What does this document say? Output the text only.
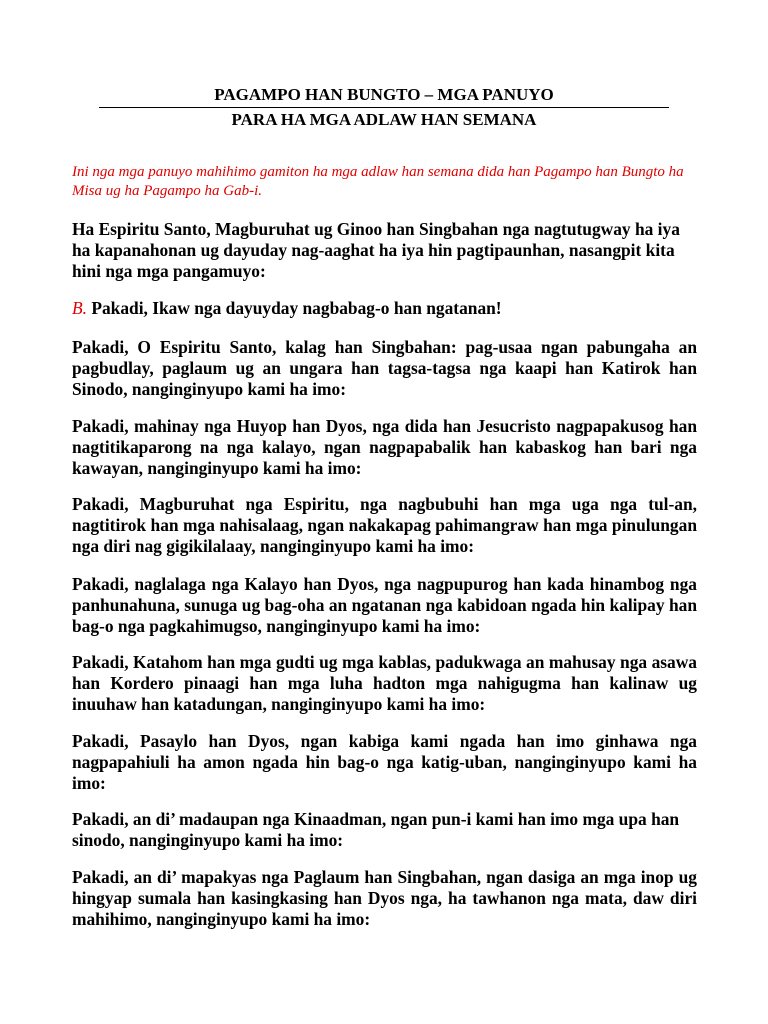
PAGAMPO HAN BUNGTO – MGA PANUYO
PARA HA MGA ADLAW HAN SEMANA
Ini nga mga panuyo mahihimo gamiton ha mga adlaw han semana dida han Pagampo han Bungto ha Misa ug ha Pagampo ha Gab-i.
Ha Espiritu Santo, Magburuhat ug Ginoo han Singbahan nga nagtutugway ha iya ha kapanahonan ug dayuday nag-aaghat ha iya hin pagtipaunhan, nasangpit kita hini nga mga pangamuyo:
B. Pakadi, Ikaw nga dayuyday nagbabag-o han ngatanan!
Pakadi, O Espiritu Santo, kalag han Singbahan: pag-usaa ngan pabungaha an pagbudlay, paglaum ug an ungara han tagsa-tagsa nga kaapi han Katirok han Sinodo, nanginginyupo kami ha imo:
Pakadi, mahinay nga Huyop han Dyos, nga dida han Jesucristo nagpapakusog han nagtitikaparong na nga kalayo, ngan nagpapabalik han kabaskog han bari nga kawayan, nanginginyupo kami ha imo:
Pakadi, Magburuhat nga Espiritu, nga nagbubuhi han mga uga nga tul-an, nagtitirok han mga nahisalaag, ngan nakakapag pahimangraw han mga pinulungan nga diri nag gigikilalaay, nanginginyupo kami ha imo:
Pakadi, naglalaga nga Kalayo han Dyos, nga nagpupurog han kada hinambog nga panhunahuna, sunuga ug bag-oha an ngatanan nga kabidoan ngada hin kalipay han bag-o nga pagkahimugso, nanginginyupo kami ha imo:
Pakadi, Katahom han mga gudti ug mga kablas, padukwaga an mahusay nga asawa han Kordero pinaagi han mga luha hadton mga nahigugma han kalinaw ug inuuhaw han katadungan, nanginginyupo kami ha imo:
Pakadi, Pasaylo han Dyos, ngan kabiga kami ngada han imo ginhawa nga nagpapahiuli ha amon ngada hin bag-o nga katig-uban, nanginginyupo kami ha imo:
Pakadi, an di’ madaupan nga Kinaadman, ngan pun-i kami han imo mga upa han sinodo, nanginginyupo kami ha imo:
Pakadi, an di’ mapakyas nga Paglaum han Singbahan, ngan dasiga an mga inop ug hingyap sumala han kasingkasing han Dyos nga, ha tawhanon nga mata, daw diri mahihimo, nanginginyupo kami ha imo:
